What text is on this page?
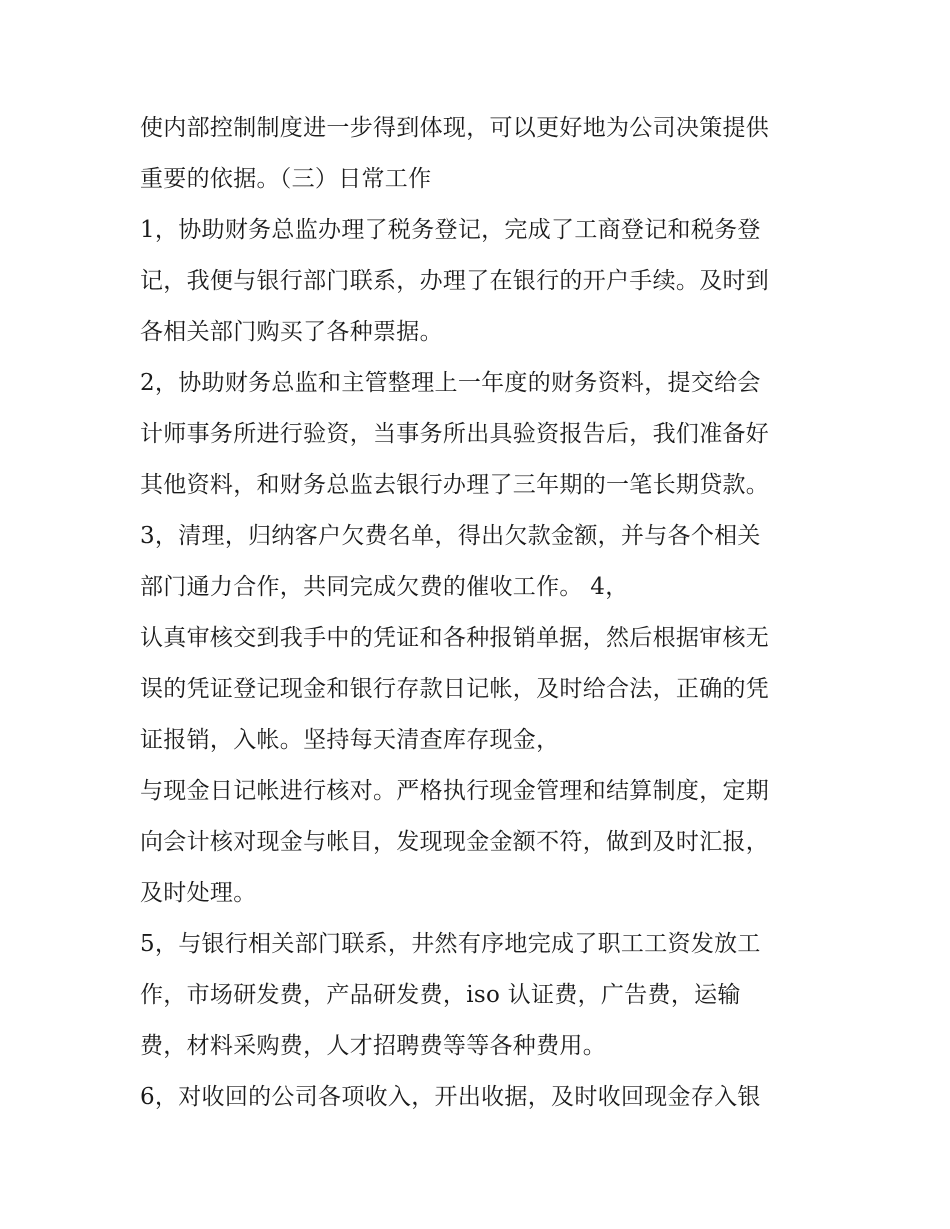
使内部控制制度进一步得到体现，可以更好地为公司决策提供
重要的依据。（三）日常工作
1，协助财务总监办理了税务登记，完成了工商登记和税务登
记，我便与银行部门联系，办理了在银行的开户手续。及时到
各相关部门购买了各种票据。
2，协助财务总监和主管整理上一年度的财务资料，提交给会
计师事务所进行验资，当事务所出具验资报告后，我们准备好
其他资料，和财务总监去银行办理了三年期的一笔长期贷款。
3，清理，归纳客户欠费名单，得出欠款金额，并与各个相关
部门通力合作，共同完成欠费的催收工作。 4，
认真审核交到我手中的凭证和各种报销单据，然后根据审核无
误的凭证登记现金和银行存款日记帐，及时给合法，正确的凭
证报销，入帐。坚持每天清查库存现金，
与现金日记帐进行核对。严格执行现金管理和结算制度，定期
向会计核对现金与帐目，发现现金金额不符，做到及时汇报，
及时处理。
5，与银行相关部门联系，井然有序地完成了职工工资发放工
作，市场研发费，产品研发费，iso 认证费，广告费，运输
费，材料采购费，人才招聘费等等各种费用。
6，对收回的公司各项收入，开出收据，及时收回现金存入银
